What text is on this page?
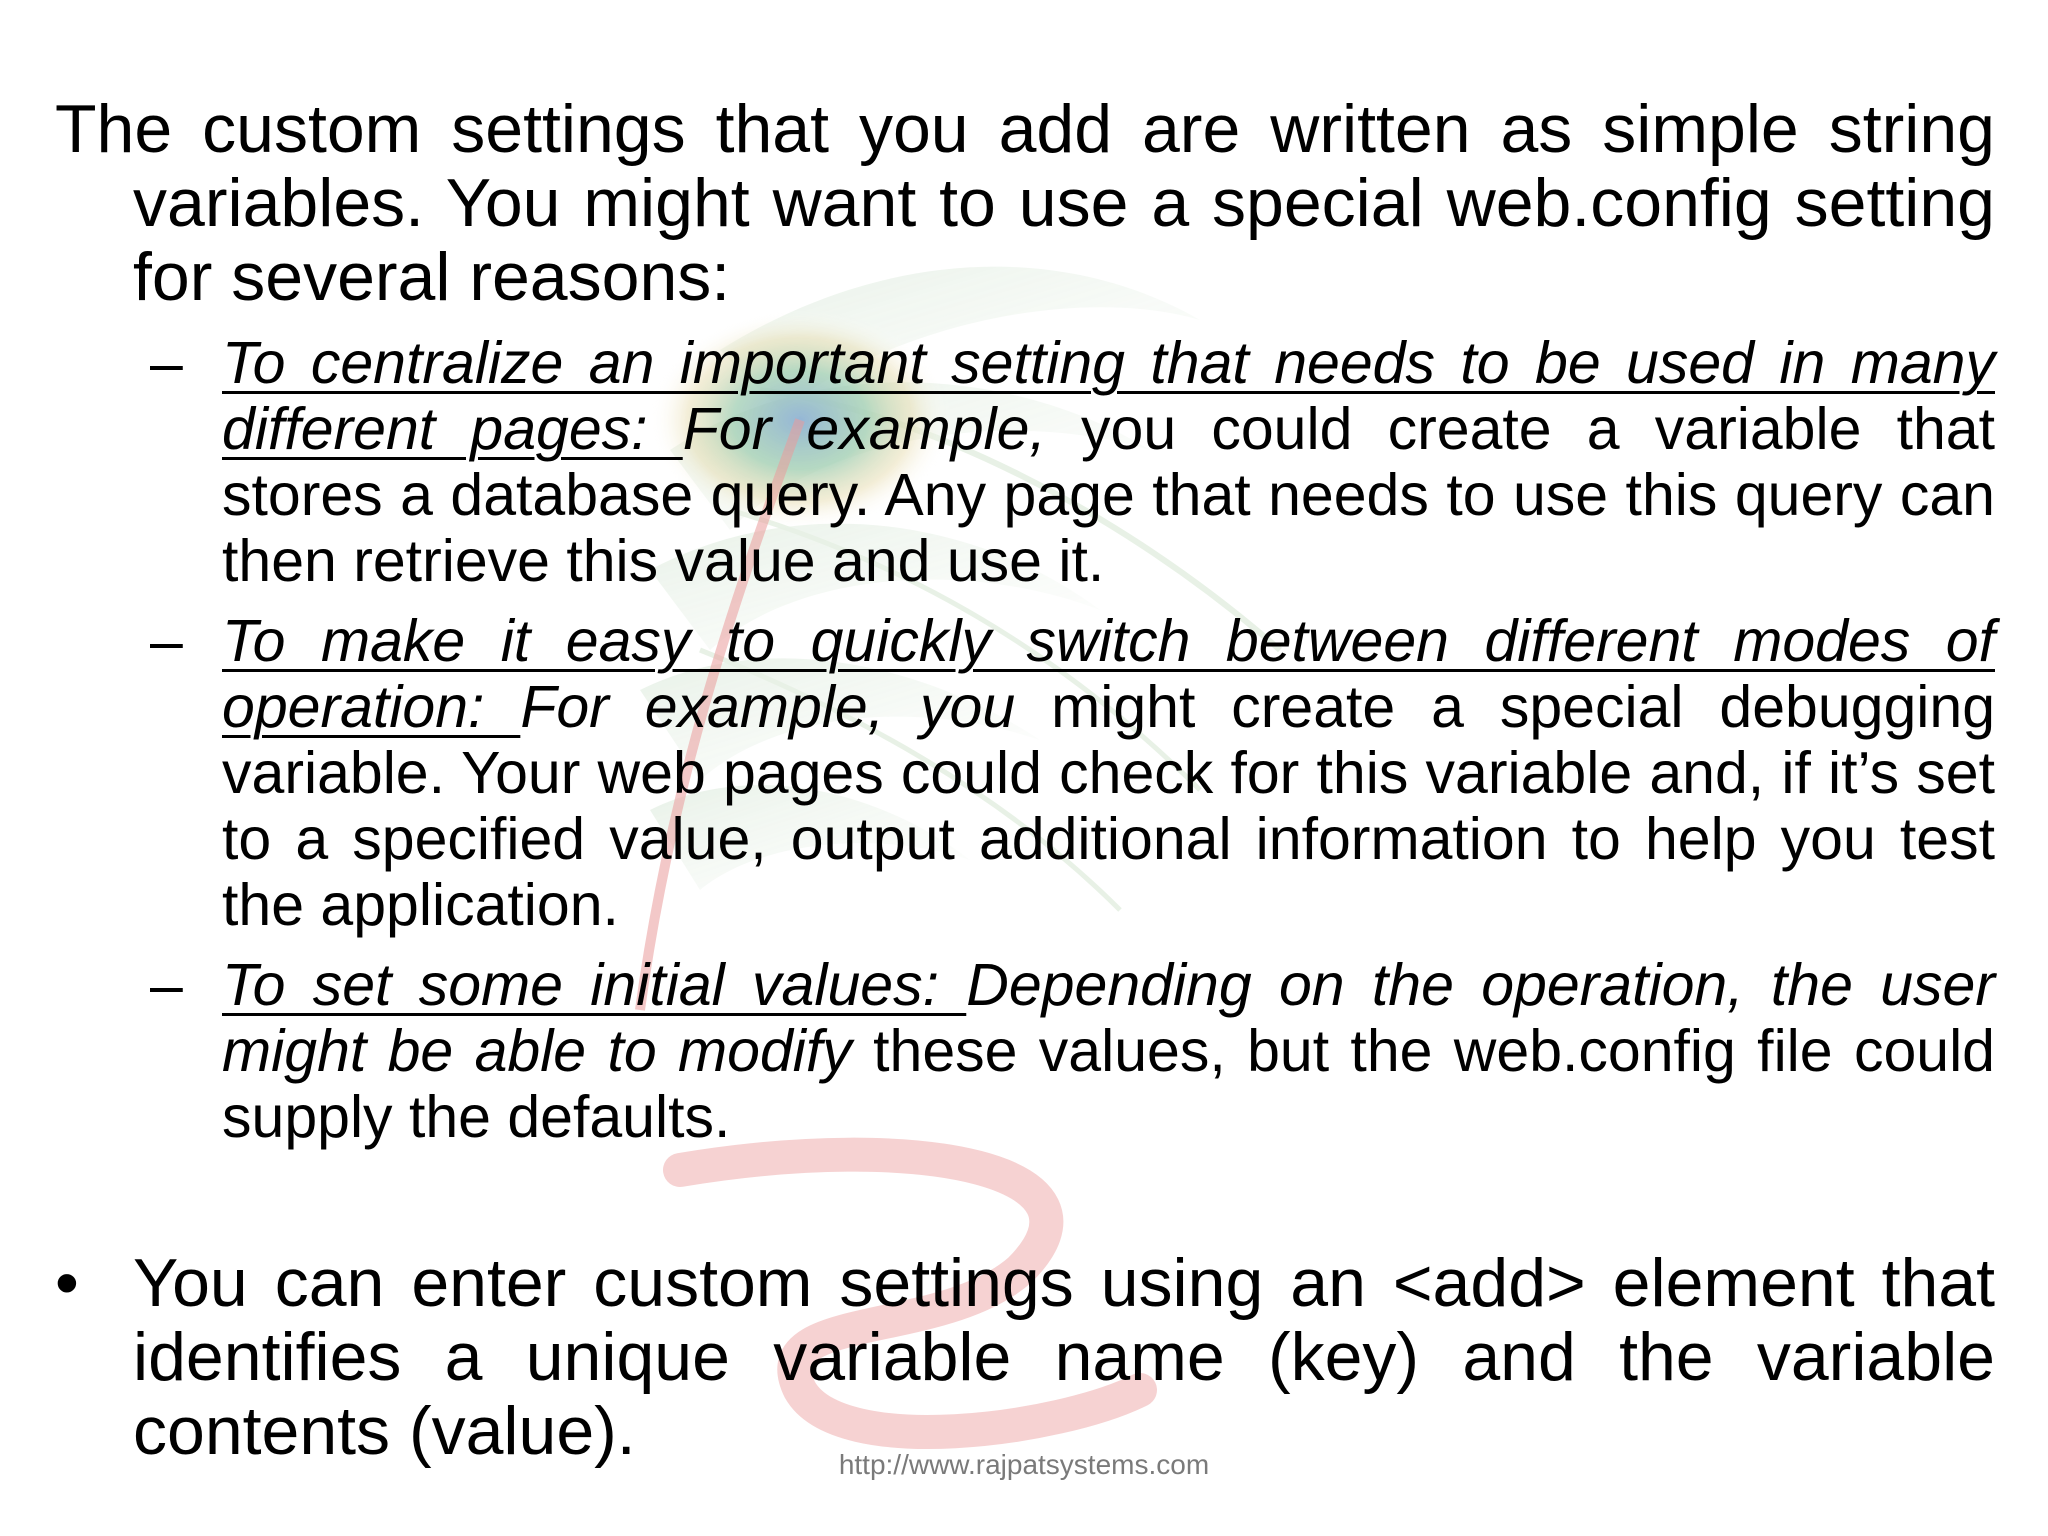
The custom settings that you add are written as simple string variables. You might want to use a special web.config setting for several reasons:
– To centralize an important setting that needs to be used in many different pages: For example, you could create a variable that stores a database query. Any page that needs to use this query can then retrieve this value and use it.
– To make it easy to quickly switch between different modes of operation: For example, you might create a special debugging variable. Your web pages could check for this variable and, if it’s set to a specified value, output additional information to help you test the application.
– To set some initial values: Depending on the operation, the user might be able to modify these values, but the web.config file could supply the defaults.
• You can enter custom settings using an <add> element that identifies a unique variable name (key) and the variable contents (value).	http://www.rajpatsystems.com
